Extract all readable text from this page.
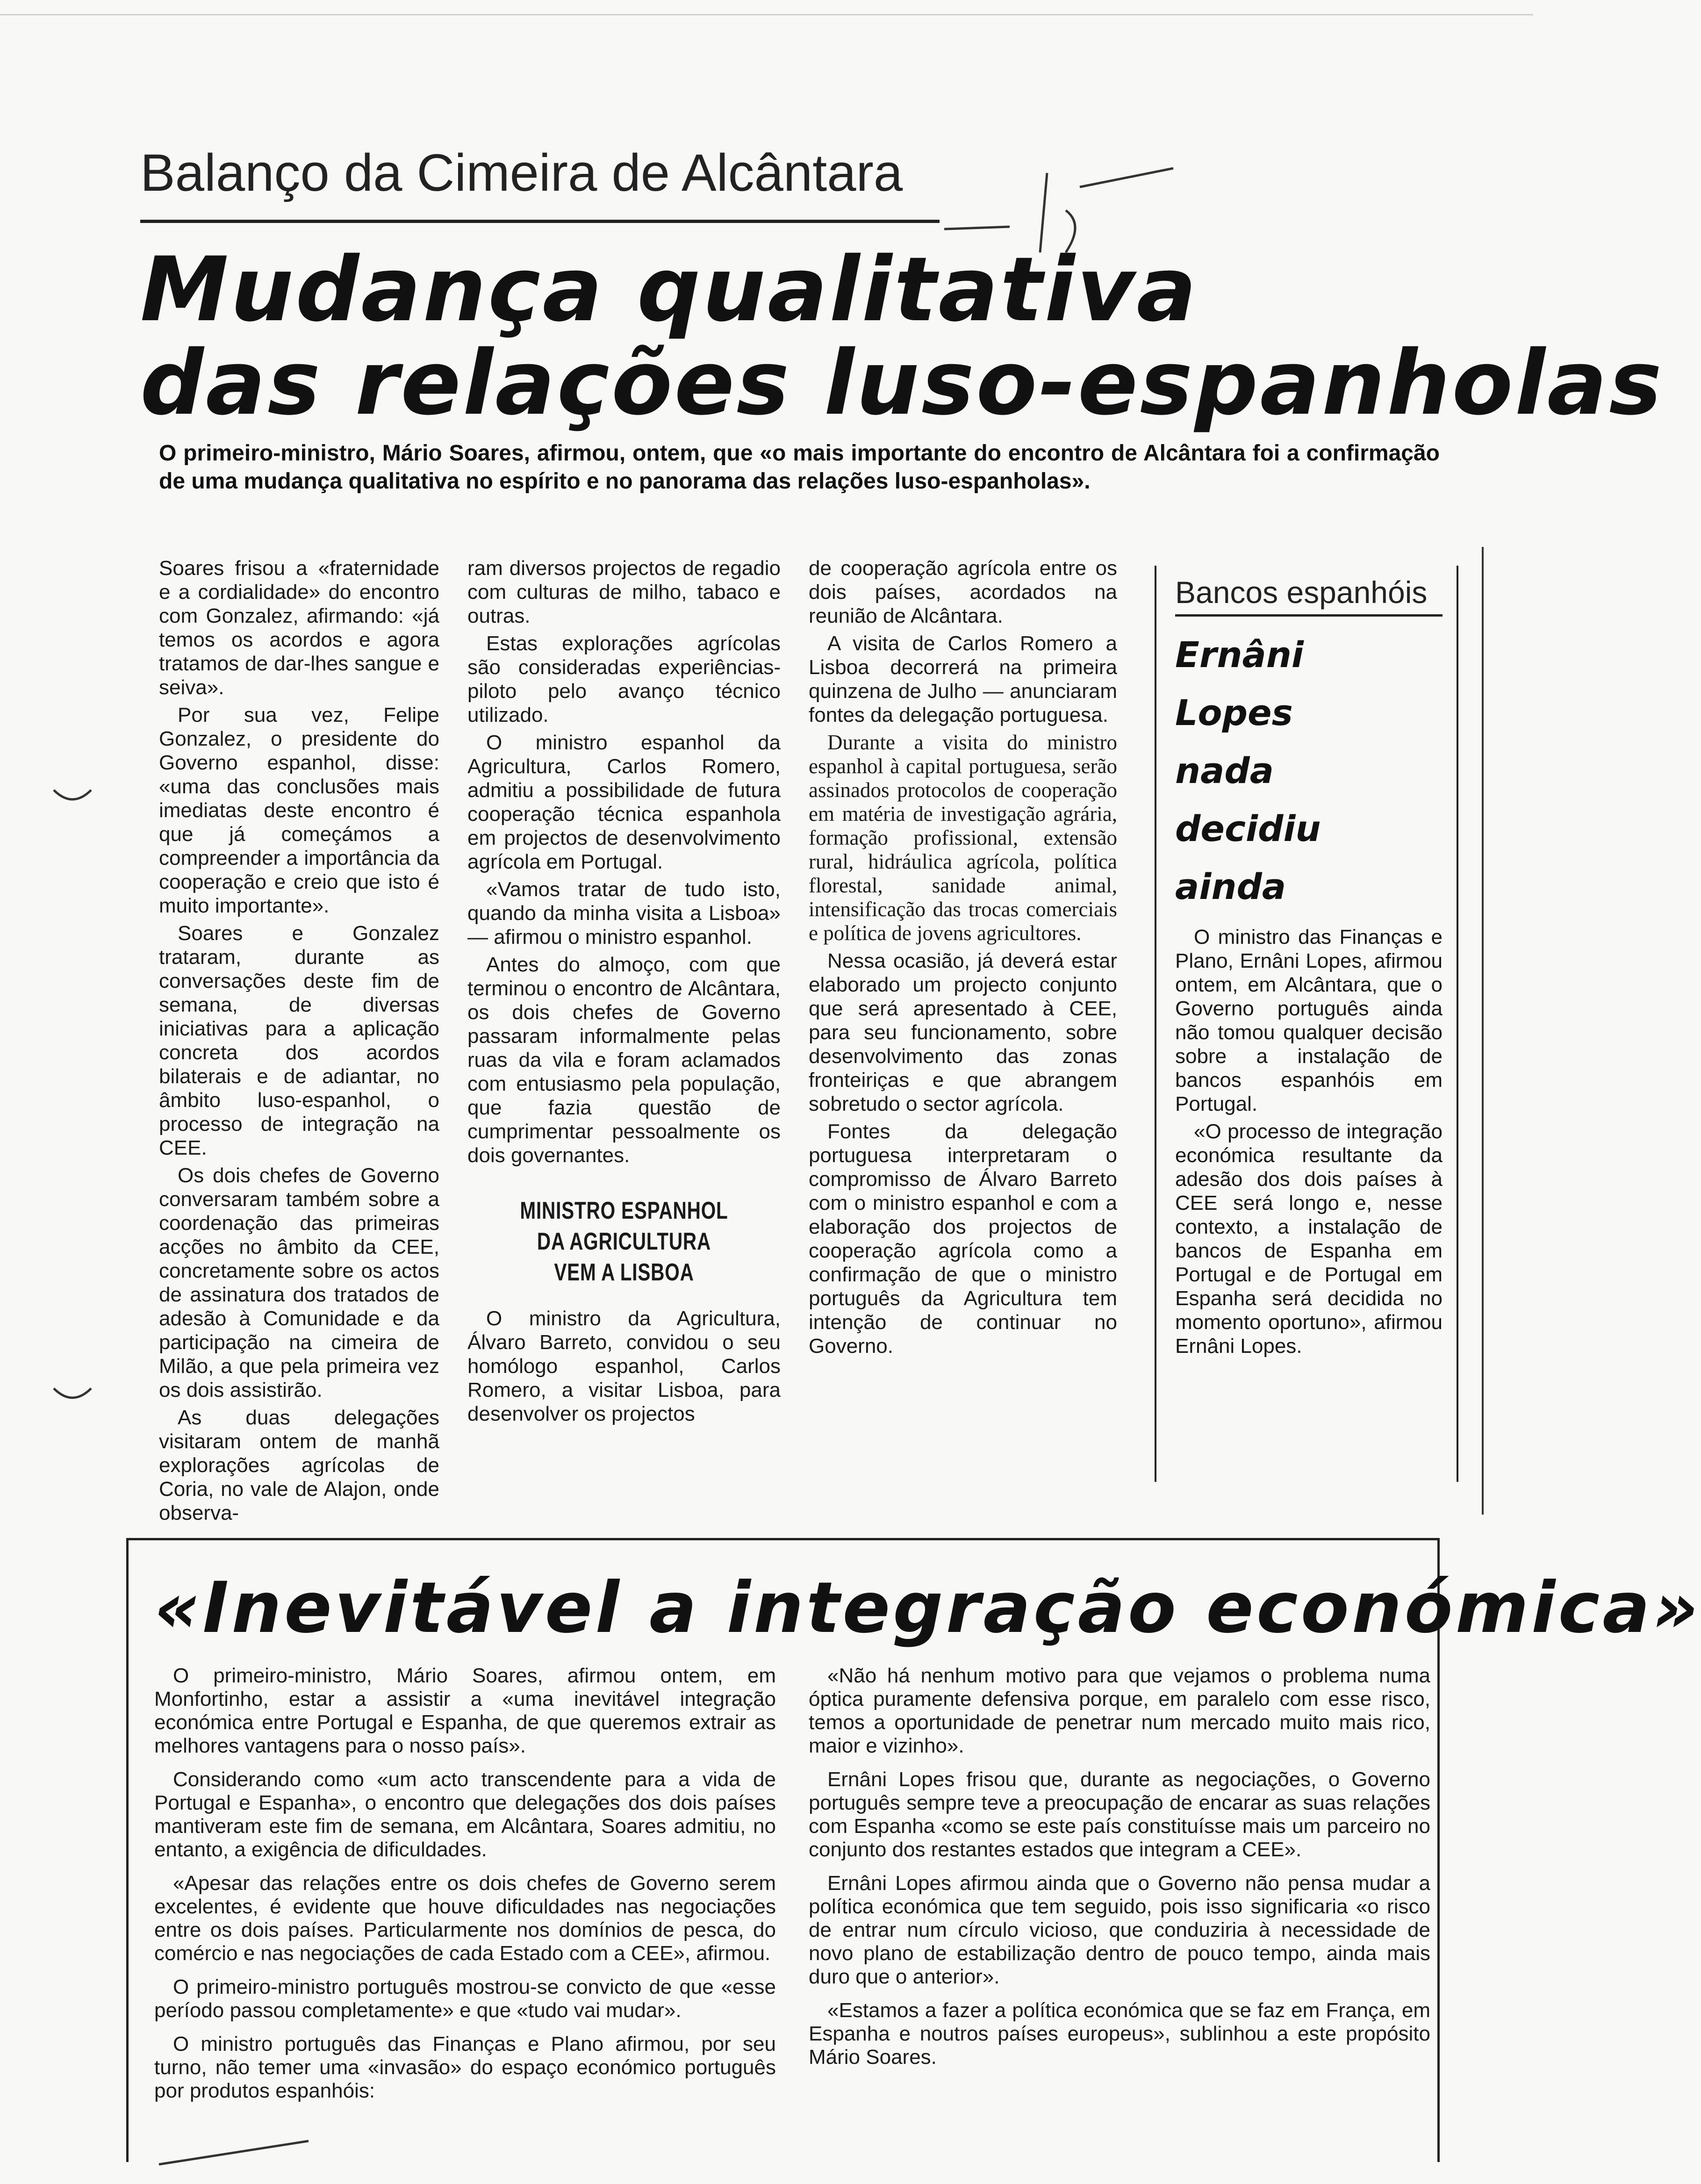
Balanço da Cimeira de Alcântara
Mudança qualitativa
das relações luso-espanholas
O primeiro-ministro, Mário Soares, afirmou, ontem, que «o mais importante do encontro de Alcântara foi a confirmação de uma mudança qualitativa no espírito e no panorama das relações luso-espanholas».

Soares frisou a «fraternidade e a cordialidade» do encontro com Gonzalez, afirmando: «já temos os acordos e agora tratamos de dar-lhes sangue e seiva».

Por sua vez, Felipe Gonzalez, o presidente do Governo espanhol, disse: «uma das conclusões mais imediatas deste encontro é que já começámos a compreender a importância da cooperação e creio que isto é muito importante».

Soares e Gonzalez trataram, durante as conversações deste fim de semana, de diversas iniciativas para a aplicação concreta dos acordos bilaterais e de adiantar, no âmbito luso-espanhol, o processo de integração na CEE.

Os dois chefes de Governo conversaram também sobre a coordenação das primeiras acções no âmbito da CEE, concretamente sobre os actos de assinatura dos tratados de adesão à Comunidade e da participação na cimeira de Milão, a que pela primeira vez os dois assistirão.

As duas delegações visitaram ontem de manhã explorações agrícolas de Coria, no vale de Alajon, onde observa-

ram diversos projectos de regadio com culturas de milho, tabaco e outras.

Estas explorações agrícolas são consideradas experiências-piloto pelo avanço técnico utilizado.

O ministro espanhol da Agricultura, Carlos Romero, admitiu a possibilidade de futura cooperação técnica espanhola em projectos de desenvolvimento agrícola em Portugal.

«Vamos tratar de tudo isto, quando da minha visita a Lisboa» — afirmou o ministro espanhol.

Antes do almoço, com que terminou o encontro de Alcântara, os dois chefes de Governo passaram informalmente pelas ruas da vila e foram aclamados com entusiasmo pela população, que fazia questão de cumprimentar pessoalmente os dois governantes.

MINISTRO ESPANHOL
DA AGRICULTURA
VEM A LISBOA

O ministro da Agricultura, Álvaro Barreto, convidou o seu homólogo espanhol, Carlos Romero, a visitar Lisboa, para desenvolver os projectos

de cooperação agrícola entre os dois países, acordados na reunião de Alcântara.

A visita de Carlos Romero a Lisboa decorrerá na primeira quinzena de Julho — anunciaram fontes da delegação portuguesa.

Durante a visita do ministro espanhol à capital portuguesa, serão assinados protocolos de cooperação em matéria de investigação agrária, formação profissional, extensão rural, hidráulica agrícola, política florestal, sanidade animal, intensificação das trocas comerciais e política de jovens agricultores.

Nessa ocasião, já deverá estar elaborado um projecto conjunto que será apresentado à CEE, para seu funcionamento, sobre desenvolvimento das zonas fronteiriças e que abrangem sobretudo o sector agrícola.

Fontes da delegação portuguesa interpretaram o compromisso de Álvaro Barreto com o ministro espanhol e com a elaboração dos projectos de cooperação agrícola como a confirmação de que o ministro português da Agricultura tem intenção de continuar no Governo.

Bancos espanhóis
Ernâni
Lopes
nada
decidiu
ainda

O ministro das Finanças e Plano, Ernâni Lopes, afirmou ontem, em Alcântara, que o Governo português ainda não tomou qualquer decisão sobre a instalação de bancos espanhóis em Portugal.

«O processo de integração económica resultante da adesão dos dois países à CEE será longo e, nesse contexto, a instalação de bancos de Espanha em Portugal e de Portugal em Espanha será decidida no momento oportuno», afirmou Ernâni Lopes.

«Inevitável a integração económica»

O primeiro-ministro, Mário Soares, afirmou ontem, em Monfortinho, estar a assistir a «uma inevitável integração económica entre Portugal e Espanha, de que queremos extrair as melhores vantagens para o nosso país».

Considerando como «um acto transcendente para a vida de Portugal e Espanha», o encontro que delegações dos dois países mantiveram este fim de semana, em Alcântara, Soares admitiu, no entanto, a exigência de dificuldades.

«Apesar das relações entre os dois chefes de Governo serem excelentes, é evidente que houve dificuldades nas negociações entre os dois países. Particularmente nos domínios de pesca, do comércio e nas negociações de cada Estado com a CEE», afirmou.

O primeiro-ministro português mostrou-se convicto de que «esse período passou completamente» e que «tudo vai mudar».

O ministro português das Finanças e Plano afirmou, por seu turno, não temer uma «invasão» do espaço económico português por produtos espanhóis:

«Não há nenhum motivo para que vejamos o problema numa óptica puramente defensiva porque, em paralelo com esse risco, temos a oportunidade de penetrar num mercado muito mais rico, maior e vizinho».

Ernâni Lopes frisou que, durante as negociações, o Governo português sempre teve a preocupação de encarar as suas relações com Espanha «como se este país constituísse mais um parceiro no conjunto dos restantes estados que integram a CEE».

Ernâni Lopes afirmou ainda que o Governo não pensa mudar a política económica que tem seguido, pois isso significaria «o risco de entrar num círculo vicioso, que conduziria à necessidade de novo plano de estabilização dentro de pouco tempo, ainda mais duro que o anterior».

«Estamos a fazer a política económica que se faz em França, em Espanha e noutros países europeus», sublinhou a este propósito Mário Soares.
